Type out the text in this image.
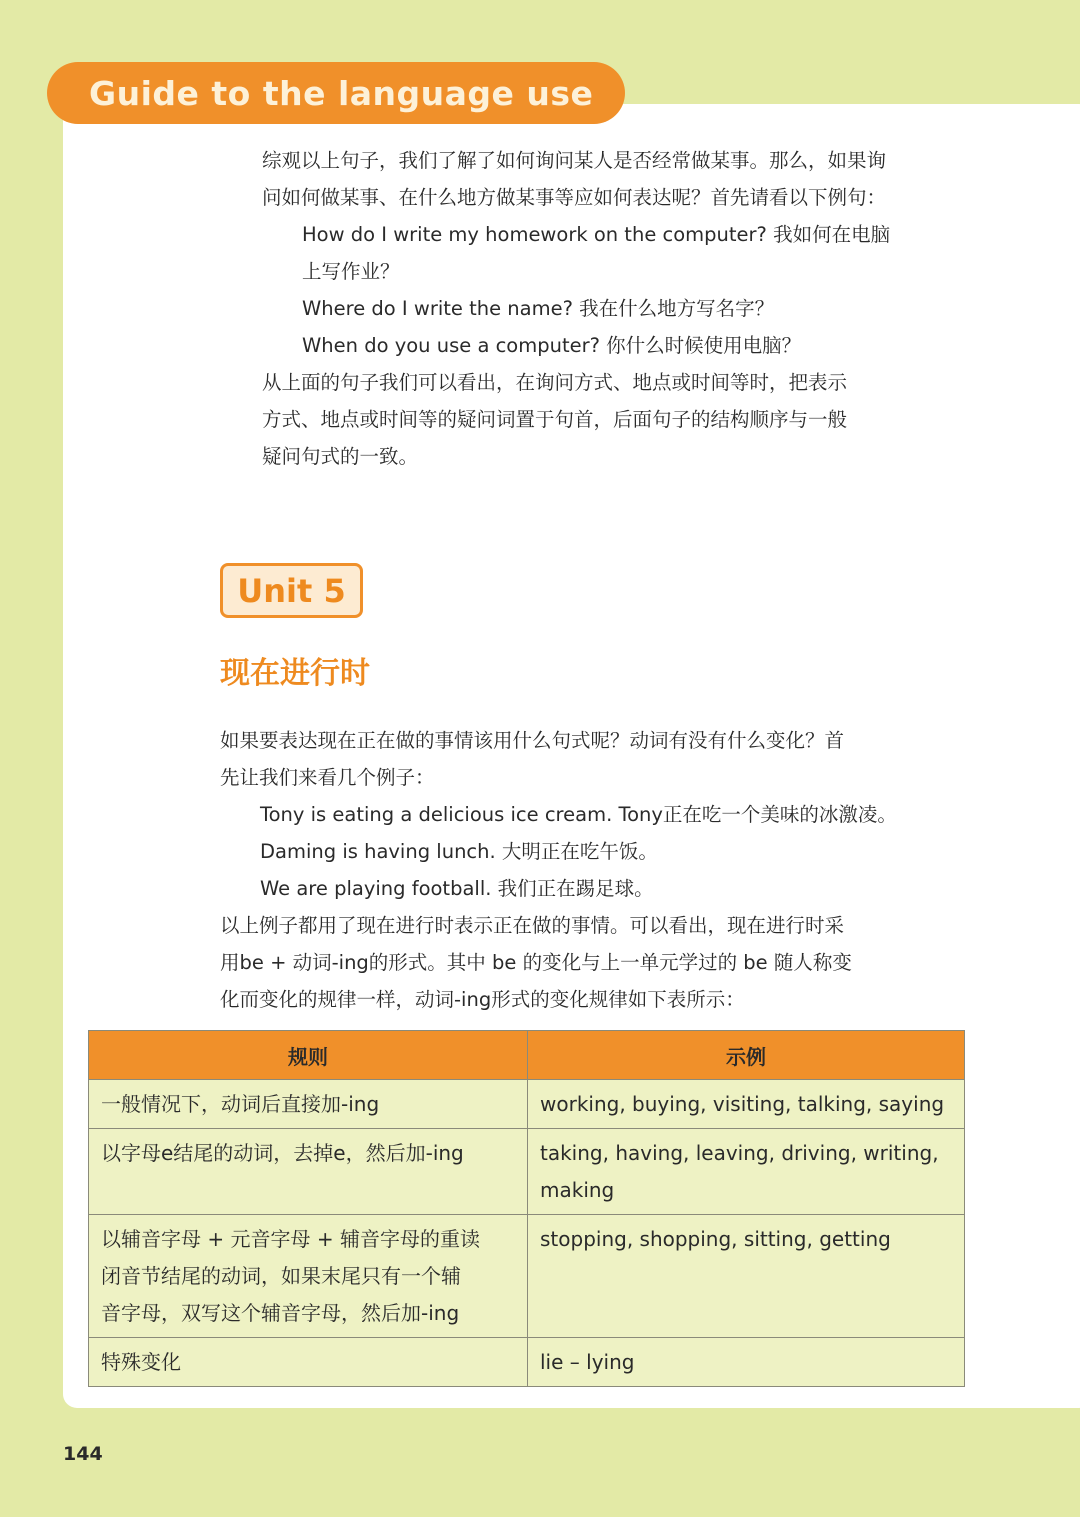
Guide to the language use
综观以上句子，我们了解了如何询问某人是否经常做某事。那么，如果询
问如何做某事、在什么地方做某事等应如何表达呢？首先请看以下例句：
How do I write my homework on the computer? 我如何在电脑
上写作业？
Where do I write the name? 我在什么地方写名字？
When do you use a computer? 你什么时候使用电脑？
从上面的句子我们可以看出，在询问方式、地点或时间等时，把表示
方式、地点或时间等的疑问词置于句首，后面句子的结构顺序与一般
疑问句式的一致。
Unit 5
现在进行时
如果要表达现在正在做的事情该用什么句式呢？动词有没有什么变化？首
先让我们来看几个例子：
Tony is eating a delicious ice cream. Tony正在吃一个美味的冰激凌。
Daming is having lunch. 大明正在吃午饭。
We are playing football. 我们正在踢足球。
以上例子都用了现在进行时表示正在做的事情。可以看出，现在进行时采
用be + 动词-ing的形式。其中 be 的变化与上一单元学过的 be 随人称变
化而变化的规律一样，动词-ing形式的变化规律如下表所示：
规则	示例

一般情况下，动词后直接加-ing	working, buying, visiting, talking, saying

以字母e结尾的动词，去掉e，然后加-ing	taking, having, leaving, driving, writing,
making

以辅音字母 + 元音字母 + 辅音字母的重读
闭音节结尾的动词，如果末尾只有一个辅
音字母，双写这个辅音字母，然后加-ing	stopping, shopping, sitting, getting

特殊变化	lie – lying
144
